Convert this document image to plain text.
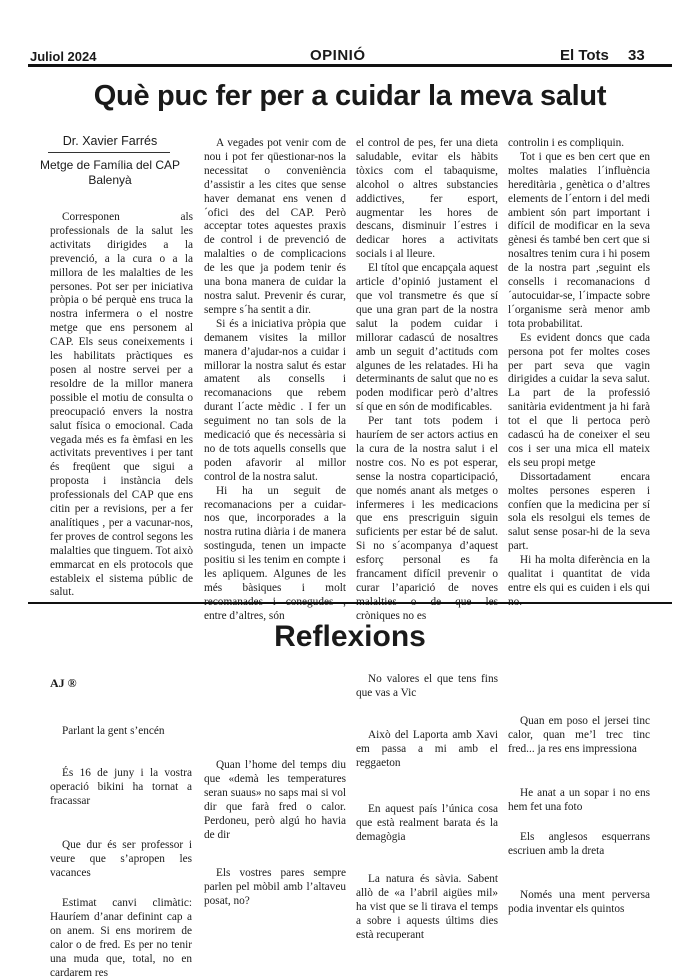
Juliol 2024	OPINIÓ	El Tots 33
Què puc fer per a cuidar la meva salut
Dr. Xavier Farrés
Metge de Família del CAP Balenyà

Corresponen als professionals de la salut les activitats dirigides a la prevenció, a la cura o a la millora de les malalties de les persones. Pot ser per iniciativa pròpia o bé perquè ens truca la nostra infermera o el nostre metge que ens personem al CAP. Els seus coneixements i les habilitats pràctiques es posen al nostre servei per a resoldre de la millor manera possible el motiu de consulta o preocupació envers la nostra salut física o emocional. Cada vegada més es fa èmfasi en les activitats preventives i per tant és freqüent que sigui a proposta i instància dels professionals del CAP que ens citin per a revisions, per a fer analítiques , per a vacunar-nos, fer proves de control segons les malalties que tinguem. Tot això emmarcat en els protocols que estableix el sistema públic de salut.

A vegades pot venir com de nou i pot fer qüestionar-nos la necessitat o conveniència d’assistir a les cites que sense haver demanat ens venen d´ofici des del CAP. Però acceptar totes aquestes praxis de control i de prevenció de malalties o de complicacions de les que ja podem tenir és una bona manera de cuidar la nostra salut. Prevenir és curar, sempre s´ha sentit a dir.

Si és a iniciativa pròpia que demanem visites la millor manera d’ajudar-nos a cuidar i millorar la nostra salut és estar amatent als consells i recomanacions que rebem durant l´acte mèdic . I fer un seguiment no tan sols de la medicació que és necessària si no de tots aquells consells que poden afavorir al millor control de la nostra salut.

Hi ha un seguit de recomanacions per a cuidar-nos que, incorporades a la nostra rutina diària i de manera sostinguda, tenen un impacte positiu si les tenim en compte i les apliquem. Algunes de les més bàsiques i molt entre d’altres, són

el control de pes, fer una dieta saludable, evitar els hàbits tòxics com el tabaquisme, alcohol o altres substancies addictives, fer esport, augmentar les hores de descans, disminuir l´estres i dedicar hores a activitats socials i al lleure.

El títol que encapçala aquest article d’opinió justament el que vol transmetre és que sí que una gran part de la nostra salut la podem cuidar i millorar cadascú de nosaltres amb un seguit d’actituds com algunes de les relatades. Hi ha determinants de salut que no es poden modificar però d’altres sí que en són de modificables.

Per tant tots podem i hauríem de ser actors actius en la cura de la nostra salut i el nostre cos. No es pot esperar, sense la nostra coparticipació, que només anant als metges o infermeres i les medicacions que ens prescriguin siguin suficients per estar bé de salut. Si no s´acompanya d’aquest esforç personal es fa francament difícil prevenir o curar l’aparició de noves cròniques no es

controlin i es compliquin.

Tot i que es ben cert que en moltes malaties l´influència hereditària , genètica o d’altres elements de l´entorn i del medi ambient són part important i difícil de modificar en la seva gènesi és també ben cert que si nosaltres tenim cura i hi posem de la nostra part ,seguint els consells i recomanacions d´autocuidar-se, l´impacte sobre l´organisme serà menor amb tota probabilitat.

Es evident doncs que cada persona pot fer moltes coses per part seva que vagin dirigides a cuidar la seva salut. La part de la professió sanitària evidentment ja hi farà tot el que li pertoca però cadascú ha de coneixer el seu cos i ser una mica ell mateix els seu propi metge

Dissortadament encara moltes persones esperen i confíen que la medicina per sí sola els resolgui els temes de salut sense posar-hi de la seva part.

Hi ha molta diferència en la qualitat i quantitat de vida entre els qui es cuiden i els qui

Reflexions

AJ ®

Parlant la gent s’encén

És 16 de juny i la vostra operació bikini ha tornat a fracassar

Que dur és ser professor i veure que s’apropen les vacances

Estimat canvi climàtic: Hauríem d’anar definint cap a on anem. Si ens morirem de calor o de fred. Es per no tenir una muda que, total, no en cardarem res

Quan l’home del temps diu que «demà les temperatures seran suaus» no saps mai si vol dir que farà fred o calor. Perdoneu, però algú ho havia de dir

Els vostres pares sempre parlen pel mòbil amb l’altaveu posat, no?

No valores el que tens fins que vas a Vic

Això del Laporta amb Xavi em passa a mi amb el reggaeton

En aquest país l’única cosa que està realment barata és la demagògia

La natura és sàvia. Sabent allò de «a l’abril aigües mil» ha vist que se li tirava el temps a sobre i aquests últims dies està recuperant

Quan em poso el jersei tinc calor, quan me’l trec tinc fred... ja res ens impressiona

He anat a un sopar i no ens hem fet una foto

Els anglesos esquerrans escriuen amb la dreta

Només una ment perversa podia inventar els quintos
